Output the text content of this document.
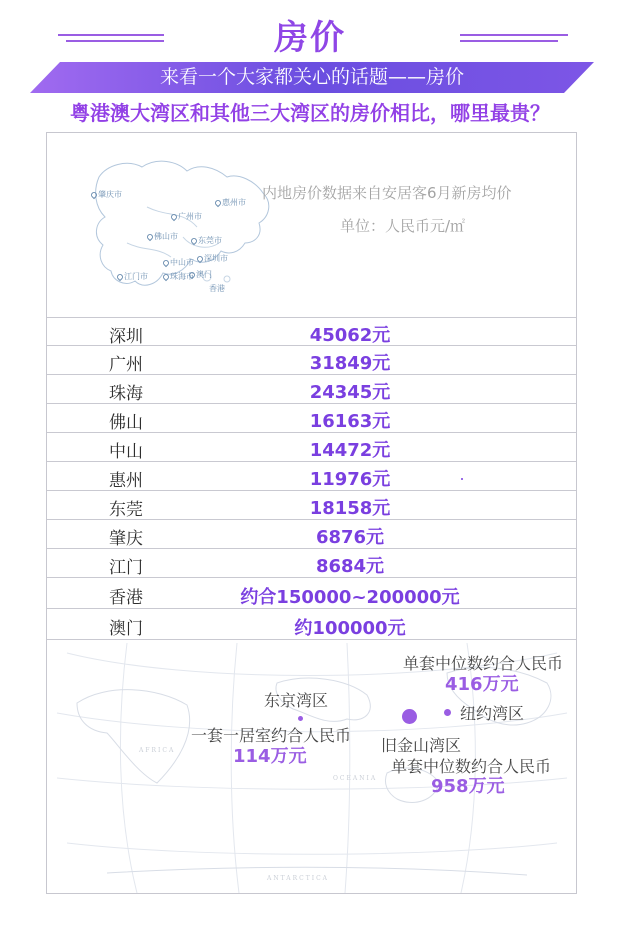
房价
来看一个大家都关心的话题——房价
粤港澳大湾区和其他三大湾区的房价相比，哪里最贵？
肇庆市
广州市
惠州市
佛山市	东莞市
深圳市
中山市
江门市	珠海市 澳门
香港
内地房价数据来自安居客6月新房均价
单位：人民币元/㎡
深圳	45062元
广州	31849元
珠海	24345元
佛山	16163元
中山	14472元
惠州	11976元
东莞	18158元
肇庆	6876元
江门	8684元
香港	约合150000~200000元
澳门	约100000元
AFRICA
OCEANIA
ANTARCTICA
单套中位数约合人民币
416万元
纽约湾区
东京湾区
一套一居室约合人民币
114万元
旧金山湾区
单套中位数约合人民币
958万元
